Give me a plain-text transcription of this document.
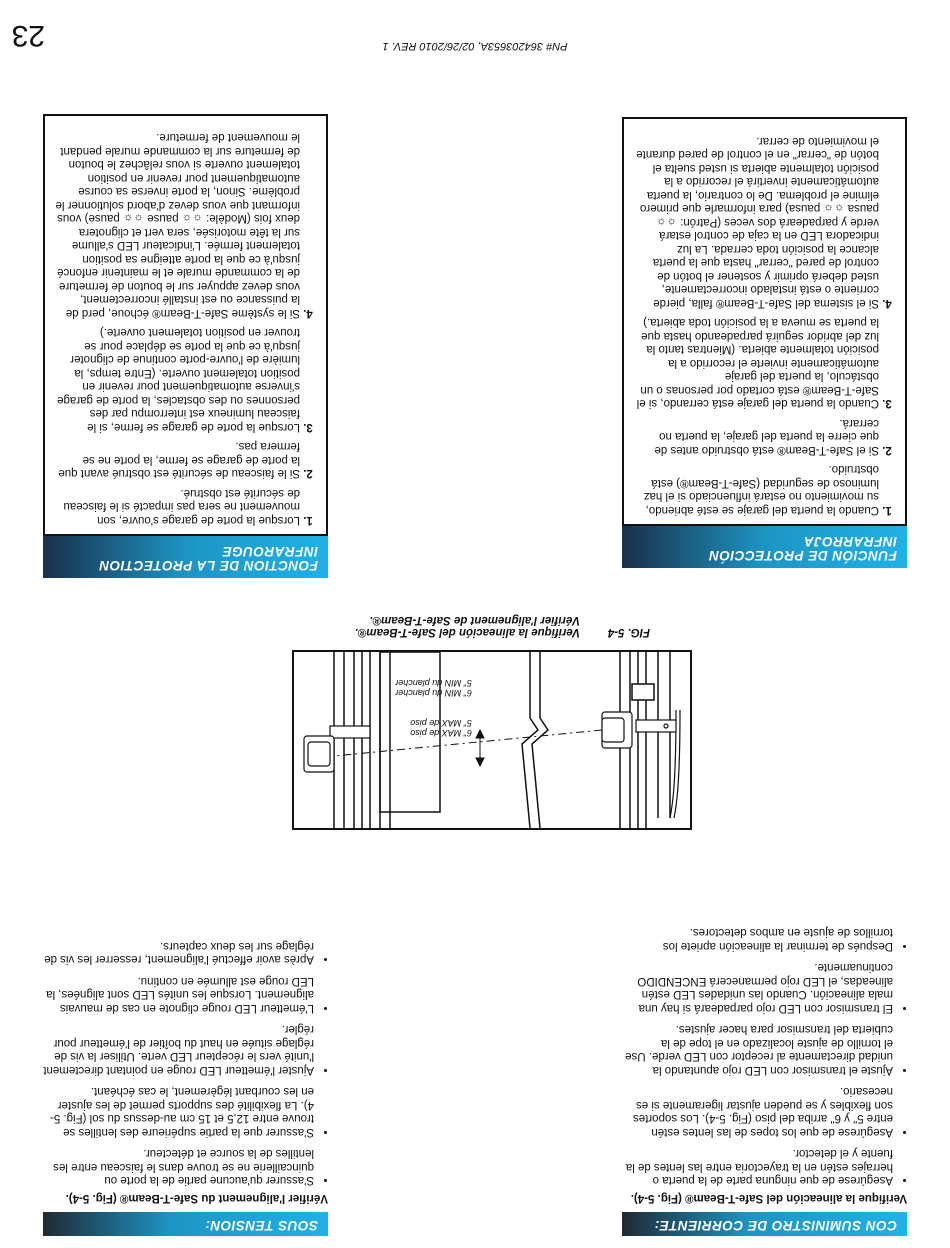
23	PN# 364203653A, 02/26/2010 REV. 1
CON SUMINISTRO DE CORRIENTE:
Verifique la alineación del Safe-T-Beam® (Fig. 5-4).
• Asegúrese de que ninguna parte de la puerta o herrajes estén en la trayectoria entre las lentes de la fuente y el detector.
• Asegúrese de que los topes de las lentes estén entre 5" y 6" arriba del piso (Fig. 5-4). Los soportes son flexibles y se pueden ajustar ligeramente si es necesario.
• Ajuste el transmisor con LED rojo apuntando la unidad directamente al receptor con LED verde. Use el tornillo de ajuste localizado en el tope de la cubierta del transmisor para hacer ajustes.
• El transmisor con LED rojo parpadeará si hay una mala alineación. Cuando las unidades LED estén alineadas, el LED rojo permanecerá ENCENDIDO continuamente.
• Después de terminar la alineación apriete los tornillos de ajuste en ambos detectores.
FUNCIÓN DE PROTECCIÓN INFRARROJA
1. Cuando la puerta del garaje se esté abriendo, su movimiento no estará influenciado si el haz luminoso de seguridad (Safe-T-Beam®) está obstruido.
2. Si el Safe-T-Beam® está obstruido antes de que cierre la puerta del garaje, la puerta no cerrará.
3. Cuando la puerta del garaje está cerrando, si el Safe-T-Beam® está cortado por personas o un obstáculo, la puerta del garaje automáticamente invierte el recorrido a la posición totalmente abierta. (Mientras tanto la luz del abridor seguirá parpadeando hasta que la puerta se mueva a la posición toda abierta.)
4. Si el sistema del Safe-T-Beam® falla, pierde corriente o está instalado incorrectamente, usted deberá oprimir y sostener el botón de control de pared "cerrar" hasta que la puerta alcance la posición toda cerrada. La luz indicadora LED en la caja de control estará verde y parpadeará dos veces (Patrón: ☼☼ pausa ☼☼ pausa) para informarle que primero elimine el problema. De lo contrario, la puerta automáticamente invertirá el recorrido a la posición totalmente abierta si usted suelta el botón de "cerrar" en el control de pared durante el movimiento de cerrar.
SOUS TENSION:
Vérifier l'alignement du Safe-T-Beam® (Fig. 5-4).
• S'assurer qu'aucune partie de la porte ou quincaillerie ne se trouve dans le faisceau entre les lentilles de la source et détecteur.
• S'assurer que la partie supérieure des lentilles se trouve entre 12,5 et 15 cm au-dessus du sol (Fig. 5-4). La flexibilité des supports permet de les ajuster en les courbant légèrement, le cas échéant.
• Ajuster l'émetteur LED rouge en pointant directement l'unité vers le récepteur LED verte. Utiliser la vis de réglage située en haut du boîtier de l'émetteur pour régler.
• L'émetteur LED rouge clignote en cas de mauvais alignement. Lorsque les unités LED sont alignées, la LED rouge est allumée en continu.
• Après avoir effectué l'alignement, resserrer les vis de réglage sur les deux capteurs.
FONCTION DE LA PROTECTION INFRAROUGE
1. Lorsque la porte de garage s'ouvre, son mouvement ne sera pas impacté si le faisceau de sécurité est obstrué.
2. Si le faisceau de sécurité est obstrué avant que la porte de garage se ferme, la porte ne se fermera pas.
3. Lorsque la porte de garage se ferme, si le faisceau lumineux est interrompu par des personnes ou des obstacles, la porte de garage s'inverse automatiquement pour revenir en position totalement ouverte. (Entre temps, la lumière de l'ouvre-porte continue de clignoter jusqu'à ce que la porte se déplace pour se trouver en position totalement ouverte.)
4. Si le système Safe-T-Beam® échoue, perd de la puissance ou est installé incorrectement, vous devez appuyer sur le bouton de fermeture de la commande murale et le maintenir enfoncé jusqu'à ce que la porte atteigne sa position totalement fermée. L'indicateur LED s'allume sur la tête motorisée, sera vert et clignotera deux fois (Modèle: ☼☼ pause ☼☼ pause) vous informant que vous devez d'abord solutionner le problème. Sinon, la porte inverse sa course automatiquement pour revenir en position totalement ouverte si vous relâchez le bouton de fermeture sur la commande murale pendant le mouvement de fermeture.
6" MAX de piso
5" MAX de piso
6" MIN du plancher
5" MIN du plancher
FIG. 5-4
Verifique la alineación del Safe-T-Beam®.
Vérifier l'alignement de Safe-T-Beam®.
